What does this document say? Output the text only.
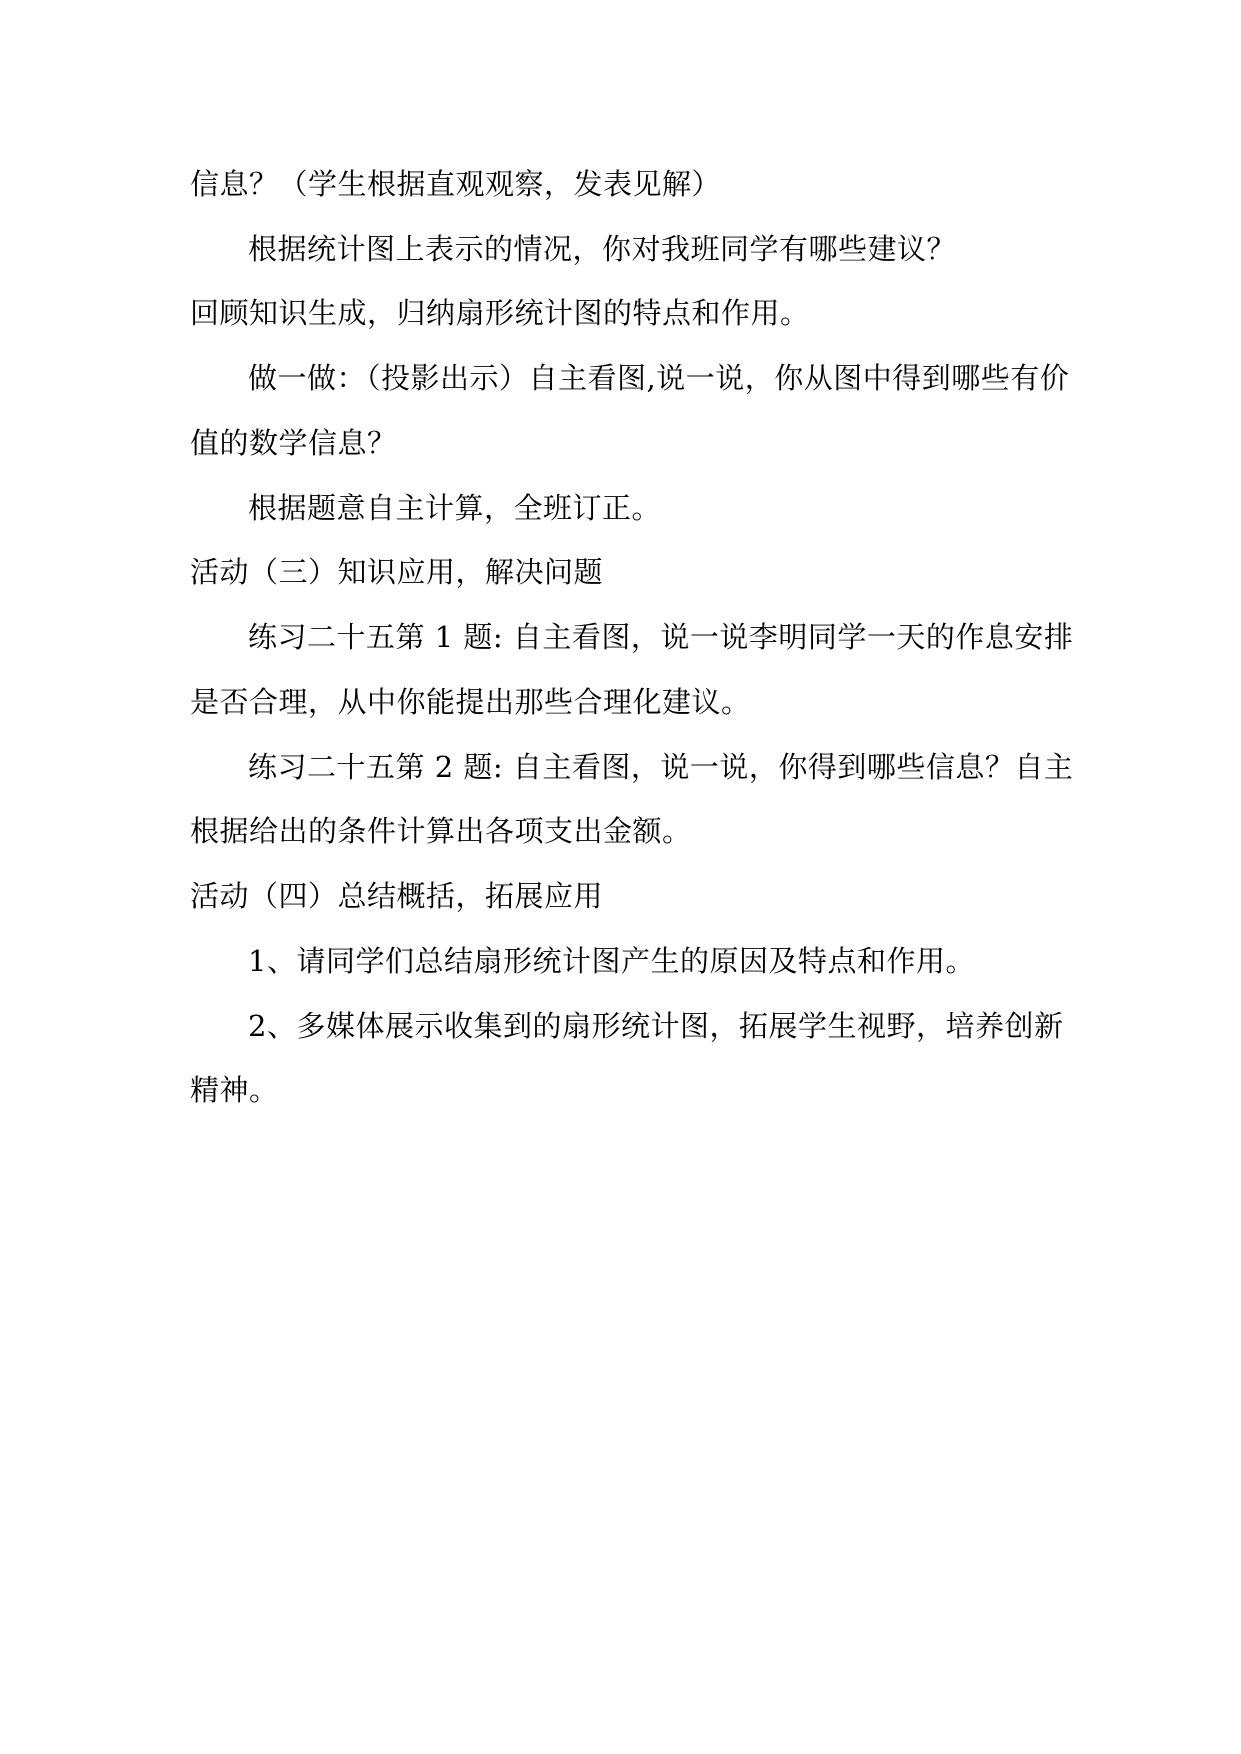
信息？（学生根据直观观察，发表见解）
根据统计图上表示的情况，你对我班同学有哪些建议？
回顾知识生成，归纳扇形统计图的特点和作用。
做一做：（投影出示）自主看图,说一说，你从图中得到哪些有价
值的数学信息？
根据题意自主计算，全班订正。
活动（三）知识应用，解决问题
练习二十五第 1 题: 自主看图，说一说李明同学一天的作息安排
是否合理，从中你能提出那些合理化建议。
练习二十五第 2 题: 自主看图，说一说，你得到哪些信息？自主
根据给出的条件计算出各项支出金额。
活动（四）总结概括，拓展应用
1、请同学们总结扇形统计图产生的原因及特点和作用。
2、多媒体展示收集到的扇形统计图，拓展学生视野，培养创新
精神。
